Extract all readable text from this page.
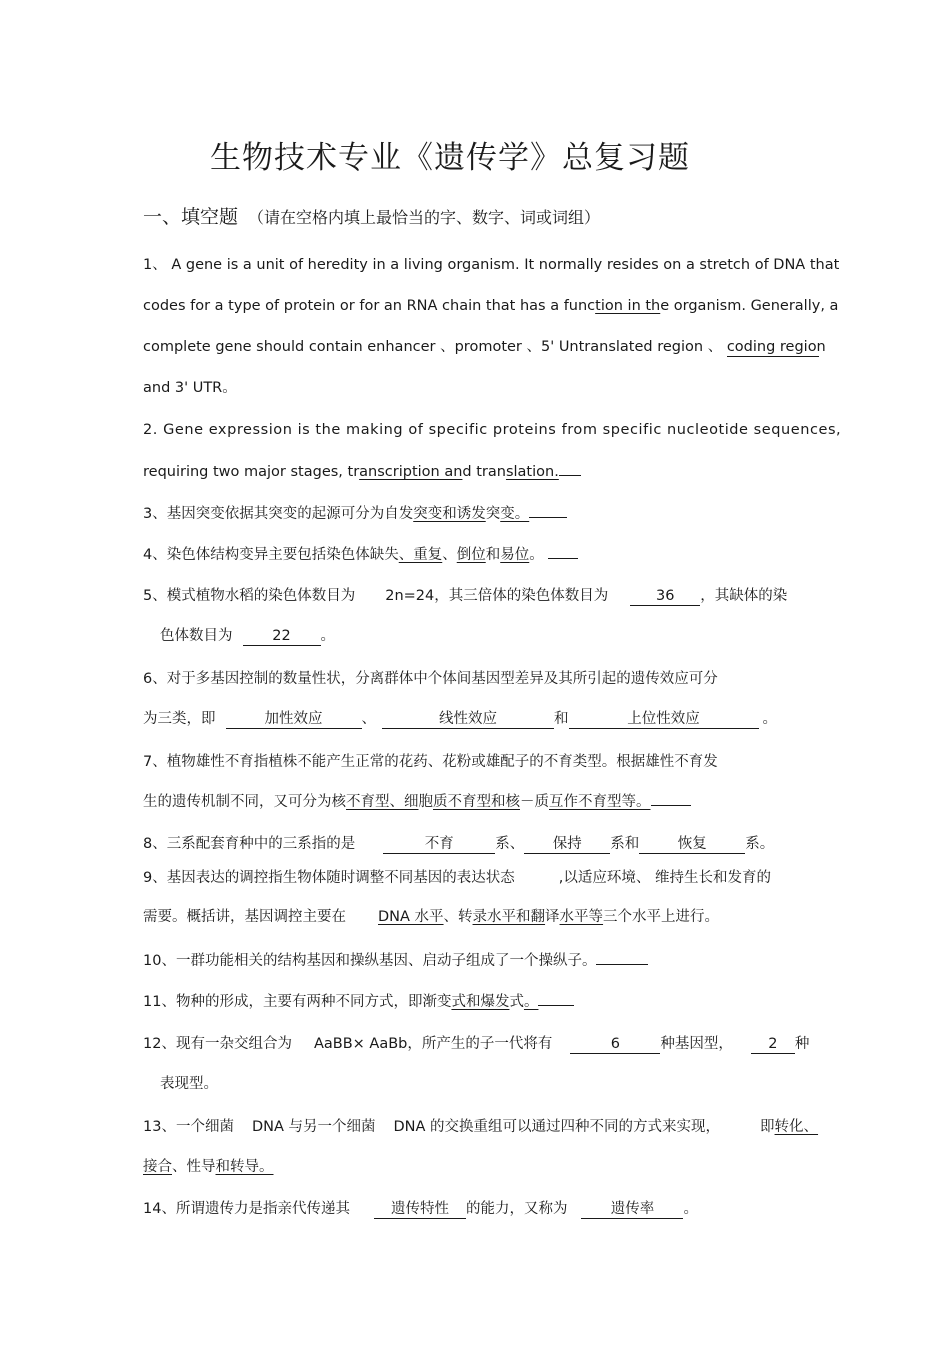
生物技术专业《遗传学》总复习题
一、填空题 （请在空格内填上最恰当的字、数字、词或词组）
1、 A gene is a unit of heredity in a living organism. It normally resides on a stretch of DNA that
codes for a type of protein or for an RNA chain that has a function in the organism. Generally, a
complete gene should contain enhancer 、promoter 、5' Untranslated region 、 coding region
and 3' UTR。
2. Gene expression is the making of specific proteins from specific nucleotide sequences,
requiring two major stages, transcription and translation.
3、基因突变依据其突变的起源可分为自发突变和诱发突变。
4、染色体结构变异主要包括染色体缺失、重复、倒位和易位。
5、模式植物水稻的染色体数目为 2n=24，其三倍体的染色体数目为	36 ，其缺体的染
色体数目为	22 。
6、对于多基因控制的数量性状，分离群体中个体间基因型差异及其所引起的遗传效应可分
为三类，即	加性效应	、	线性效应	和	上位性效应	。
7、植物雄性不育指植株不能产生正常的花药、花粉或雄配子的不育类型。根据雄性不育发
生的遗传机制不同，又可分为核不育型、细胞质不育型和核－质互作不育型等。
8、三系配套育种中的三系指的是	不育	系、 保持 系和	恢复	系。
9、基因表达的调控指生物体随时调整不同基因的表达状态	,以适应环境、 维持生长和发育的
需要。概括讲，基因调控主要在 DNA 水平、转录水平和翻译水平等三个水平上进行。
10、一群功能相关的结构基因和操纵基因、启动子组成了一个操纵子。
11、物种的形成，主要有两种不同方式，即渐变式和爆发式。
12、现有一杂交组合为 AaBB× AaBb，所产生的子一代将有	6	种基因型， 2 种
表现型。
13、一个细菌 DNA 与另一个细菌 DNA 的交换重组可以通过四种不同的方式来实现，	即转化、
接合、性导和转导。
14、所谓遗传力是指亲代传递其	遗传特性 的能力，又称为	遗传率 。
